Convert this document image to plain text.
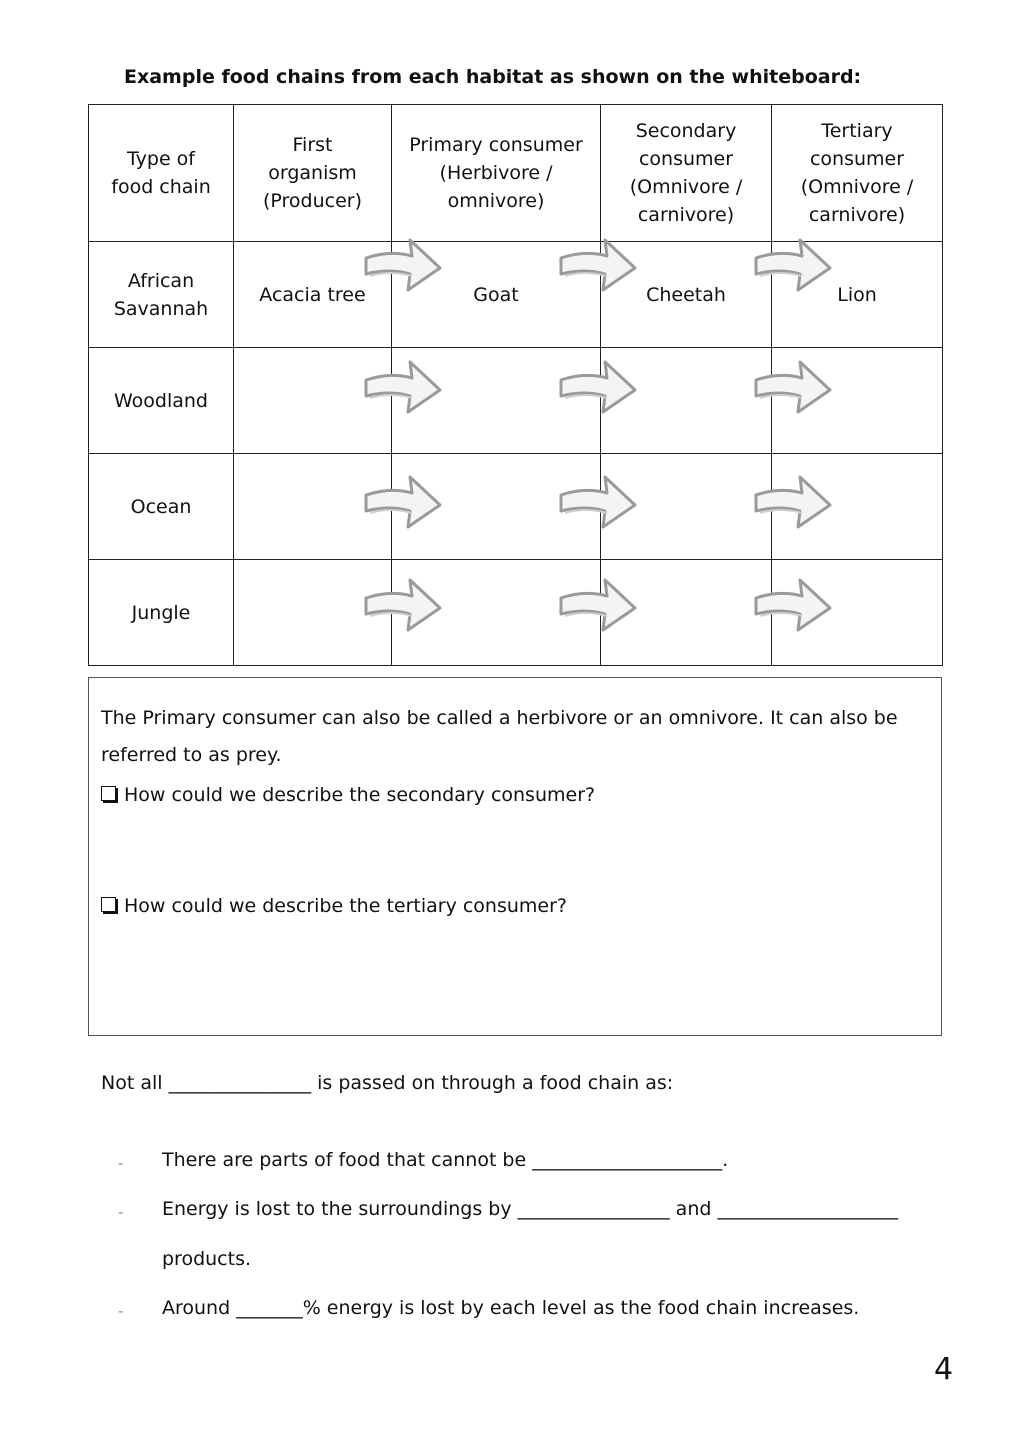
Example food chains from each habitat as shown on the whiteboard:
Type of food chain	First organism (Producer)	Primary consumer (Herbivore / omnivore)	Secondary consumer (Omnivore / carnivore)	Tertiary consumer (Omnivore / carnivore)
African Savannah	Acacia tree	Goat	Cheetah	Lion
Woodland				
Ocean				
Jungle				
The Primary consumer can also be called a herbivore or an omnivore. It can also be referred to as prey.
How could we describe the secondary consumer?
How could we describe the tertiary consumer?
Not all _______________ is passed on through a food chain as:
- There are parts of food that cannot be ____________________.
- Energy is lost to the surroundings by ________________ and ___________________
products.
- Around _______% energy is lost by each level as the food chain increases.
4
